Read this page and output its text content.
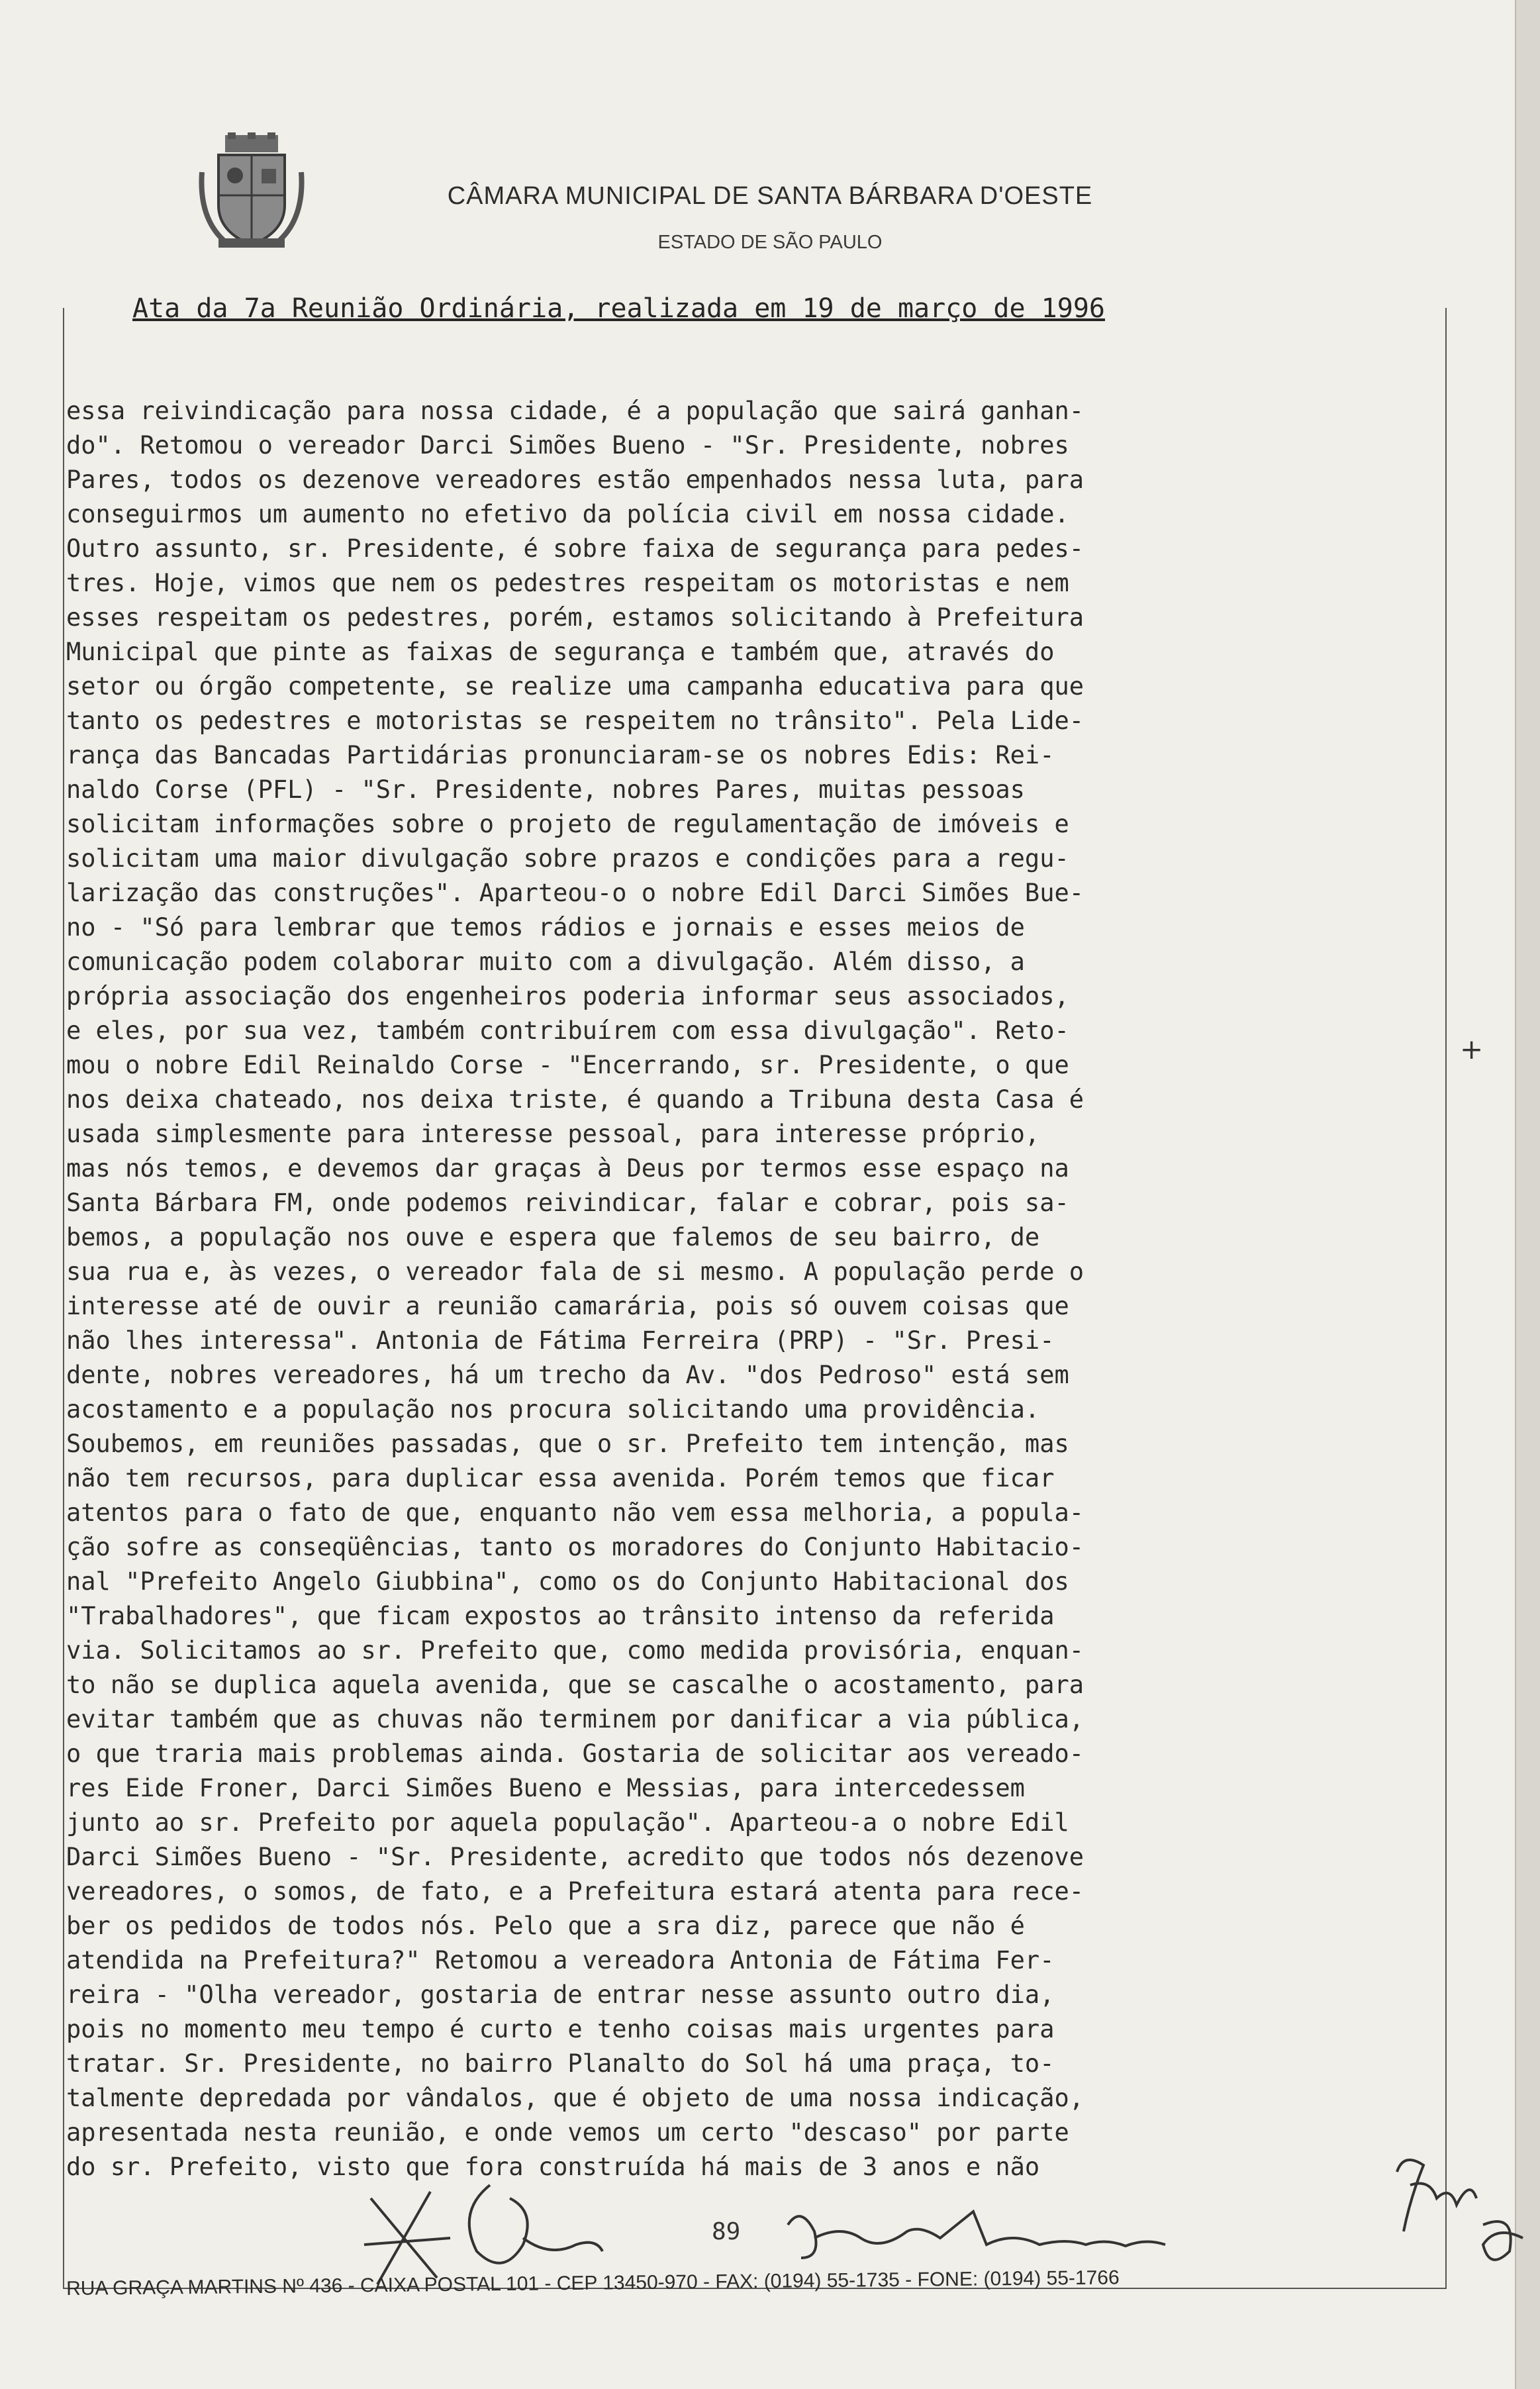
CÂMARA MUNICIPAL DE SANTA BÁRBARA D'OESTE
ESTADO DE SÃO PAULO
Ata da 7a Reunião Ordinária, realizada em 19 de março de 1996
essa reivindicação para nossa cidade, é a população que sairá ganhan-
do". Retomou o vereador Darci Simões Bueno - "Sr. Presidente, nobres
Pares, todos os dezenove vereadores estão empenhados nessa luta, para
conseguirmos um aumento no efetivo da polícia civil em nossa cidade.
Outro assunto, sr. Presidente, é sobre faixa de segurança para pedes-
tres. Hoje, vimos que nem os pedestres respeitam os motoristas e nem
esses respeitam os pedestres, porém, estamos solicitando à Prefeitura
Municipal que pinte as faixas de segurança e também que, através do
setor ou órgão competente, se realize uma campanha educativa para que
tanto os pedestres e motoristas se respeitem no trânsito". Pela Lide-
rança das Bancadas Partidárias pronunciaram-se os nobres Edis: Rei-
naldo Corse (PFL) - "Sr. Presidente, nobres Pares, muitas pessoas
solicitam informações sobre o projeto de regulamentação de imóveis e
solicitam uma maior divulgação sobre prazos e condições para a regu-
larização das construções". Aparteou-o o nobre Edil Darci Simões Bue-
no - "Só para lembrar que temos rádios e jornais e esses meios de
comunicação podem colaborar muito com a divulgação. Além disso, a
própria associação dos engenheiros poderia informar seus associados,
e eles, por sua vez, também contribuírem com essa divulgação". Reto-
mou o nobre Edil Reinaldo Corse - "Encerrando, sr. Presidente, o que
nos deixa chateado, nos deixa triste, é quando a Tribuna desta Casa é
usada simplesmente para interesse pessoal, para interesse próprio,
mas nós temos, e devemos dar graças à Deus por termos esse espaço na
Santa Bárbara FM, onde podemos reivindicar, falar e cobrar, pois sa-
bemos, a população nos ouve e espera que falemos de seu bairro, de
sua rua e, às vezes, o vereador fala de si mesmo. A população perde o
interesse até de ouvir a reunião camarária, pois só ouvem coisas que
não lhes interessa". Antonia de Fátima Ferreira (PRP) - "Sr. Presi-
dente, nobres vereadores, há um trecho da Av. "dos Pedroso" está sem
acostamento e a população nos procura solicitando uma providência.
Soubemos, em reuniões passadas, que o sr. Prefeito tem intenção, mas
não tem recursos, para duplicar essa avenida. Porém temos que ficar
atentos para o fato de que, enquanto não vem essa melhoria, a popula-
ção sofre as conseqüências, tanto os moradores do Conjunto Habitacio-
nal "Prefeito Angelo Giubbina", como os do Conjunto Habitacional dos
"Trabalhadores", que ficam expostos ao trânsito intenso da referida
via. Solicitamos ao sr. Prefeito que, como medida provisória, enquan-
to não se duplica aquela avenida, que se cascalhe o acostamento, para
evitar também que as chuvas não terminem por danificar a via pública,
o que traria mais problemas ainda. Gostaria de solicitar aos vereado-
res Eide Froner, Darci Simões Bueno e Messias, para intercedessem
junto ao sr. Prefeito por aquela população". Aparteou-a o nobre Edil
Darci Simões Bueno - "Sr. Presidente, acredito que todos nós dezenove
vereadores, o somos, de fato, e a Prefeitura estará atenta para rece-
ber os pedidos de todos nós. Pelo que a sra diz, parece que não é
atendida na Prefeitura?" Retomou a vereadora Antonia de Fátima Fer-
reira - "Olha vereador, gostaria de entrar nesse assunto outro dia,
pois no momento meu tempo é curto e tenho coisas mais urgentes para
tratar. Sr. Presidente, no bairro Planalto do Sol há uma praça, to-
talmente depredada por vândalos, que é objeto de uma nossa indicação,
apresentada nesta reunião, e onde vemos um certo "descaso" por parte
do sr. Prefeito, visto que fora construída há mais de 3 anos e não
+
89
RUA GRAÇA MARTINS Nº 436 - CAIXA POSTAL 101 - CEP 13450-970 - FAX: (0194) 55-1735 - FONE: (0194) 55-1766
